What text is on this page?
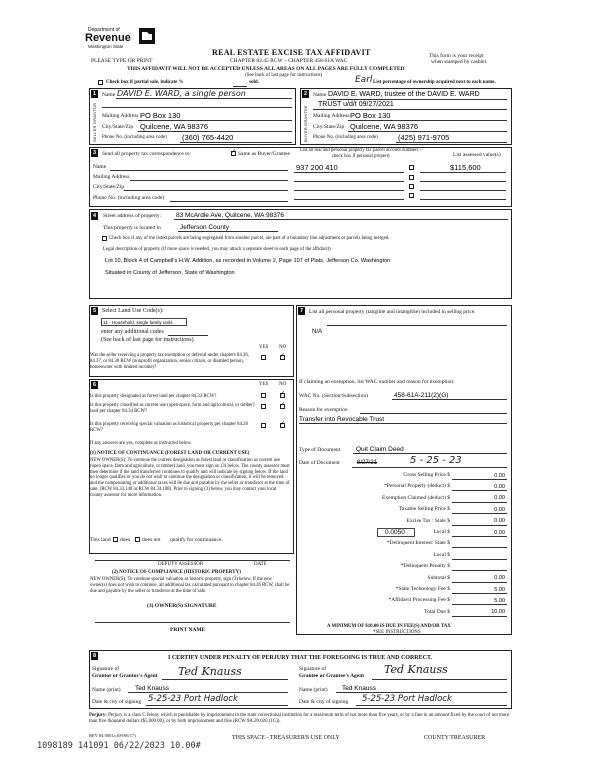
Department of
Revenue
Washington State
REAL ESTATE EXCISE TAX AFFIDAVIT
CHAPTER 82.45 RCW – CHAPTER 458-61A WAC
PLEASE TYPE OR PRINT
This form is your receipt
when stamped by cashier.
THIS AFFIDAVIT WILL NOT BE ACCEPTED UNLESS ALL AREAS ON ALL PAGES ARE FULLY COMPLETED
(See back of last page for instructions)
Check box if partial sale, indicate %	sold.	List percentage of ownership acquired next to each name.
1
SELLER GRANTOR
Name DAVID E. WARD, a single person
Mailing Address PO Box 130
City/State/Zip Quilcene, WA 98376
Phone No. (including area code) (360) 765-4420
2
BUYER GRANTEE
Earl
Name DAVID E. WARD, trustee of the DAVID E. WARD
TRUST u/d/t 09/27/2021
Mailing Address PO Box 130
City/State/Zip Quilcene, WA 98376
Phone No. (including area code)	(425) 971-9705
3	Send all property tax correspondence to: ✓	Same as Buyer/Grantee
Name
Mailing Address
City/State/Zip
Phone No. (including area code)
List all real and personal property tax parcel account numbers – check box if personal property	List assessed value(s)
937 200 410	$115,600
4	Street address of property: 83 McArdle Ave, Quilcene, WA 98376
This property is located in	Jefferson County
Check box if any of the listed parcels are being segregated from another parcel, are part of a boundary line adjustment or parcels being merged.
Legal description of property (if more space is needed, you may attach a separate sheet to each page of the affidavit)
Lot 10, Block 4 of Campbell's H.W. Addition, as recorded in Volume 2, Page 107 of Plats, Jefferson Co. Washington
Situated in County of Jefferson, State of Washington
5 Select Land Use Code(s):
11 - Household, single family units
enter any additional codes
(See back of last page for instructions)
YES NO
Was the seller receiving a property tax exemption or deferral under chapters 84.36, 84.37, or 84.38 RCW (nonprofit organization, senior citizen, or disabled person, homeowner with limited income)?
✓
6	YES NO
Is this property designated as forest land per chapter 84.33 RCW?
✓
Is this property classified as current use (open space, farm and agricultural, or timber) land per chapter 84.34 RCW?
✓
Is this property receiving special valuation as historical property per chapter 84.26 RCW?
✓
If any answers are yes, complete as instructed below.
(1) NOTICE OF CONTINUANCE (FOREST LAND OR CURRENT USE)
NEW OWNER(S): To continue the current designation as forest land or classification as current use (open space, farm and agriculture, or timber) land, you must sign on (3) below. The county assessor must then determine if the land transferred continues to qualify and will indicate by signing below. If the land no longer qualifies or you do not wish to continue the designation or classification, it will be removed and the compensating or additional taxes will be due and payable by the seller or transferor at the time of sale. (RCW 84.33.140 or RCW 84.34.108). Prior to signing (3) below, you may contact your local county assessor for more information.
This land does does not qualify for continuance.
DEPUTY ASSESSOR	DATE
(2) NOTICE OF COMPLIANCE (HISTORIC PROPERTY)
NEW OWNER(S): To continue special valuation as historic property, sign (3) below. If the new owner(s) does not wish to continue, all additional tax calculated pursuant to chapter 84.26 RCW, shall be due and payable by the seller or transferor at the time of sale.
(3) OWNER(S) SIGNATURE
PRINT NAME
7	List all personal property (tangible and intangible) included in selling price.
N/A
If claiming an exemption, list WAC number and reason for exemption:
WAC No. (Section/Subsection)	458-61A-211(2)(G)
Reason for exemption
Transfer into Revocable Trust
Type of Document Quit Claim Deed
Date of Document	8/27/21	5 - 25 - 23
Gross Selling Price $	0.00
*Personal Property (deduct) $	0.00
Exemption Claimed (deduct) $	0.00
Taxable Selling Price $	0.00
Excise Tax : State $	0.00
Local $	0.00
*Delinquent Interest: State $
Local $
*Delinquent Penalty $
Subtotal $	0.00
*State Technology Fee $	5.00
*Affidavit Processing Fee $	5.00
Total Due $	10.00
0.0050
A MINIMUM OF $10.00 IS DUE IN FEE(S) AND/OR TAX
*SEE INSTRUCTIONS
8	I CERTIFY UNDER PENALTY OF PERJURY THAT THE FOREGOING IS TRUE AND CORRECT.
Signature of
Grantor or Grantor's Agent Ted Knauss
Name (print) Ted Knauss
Date & city of signing 5-25-23 Port Hadlock
Signature of
Grantee or Grantee's Agent Ted Knauss
Name (print) Ted Knauss
Date & city of signing 5-25-23 Port Hadlock
Perjury: Perjury is a class C felony which is punishable by imprisonment in the state correctional institution for a maximum term of not more than five years, or by a fine in an amount fixed by the court of not more than five thousand dollars ($5,000.00), or by both imprisonment and fine (RCW 9A.20.020 (1C)).
REV 84 0001a (09/06/17)	THIS SPACE - TREASURER'S USE ONLY	COUNTY TREASURER
1098189 141091 06/22/2023 10.00#
